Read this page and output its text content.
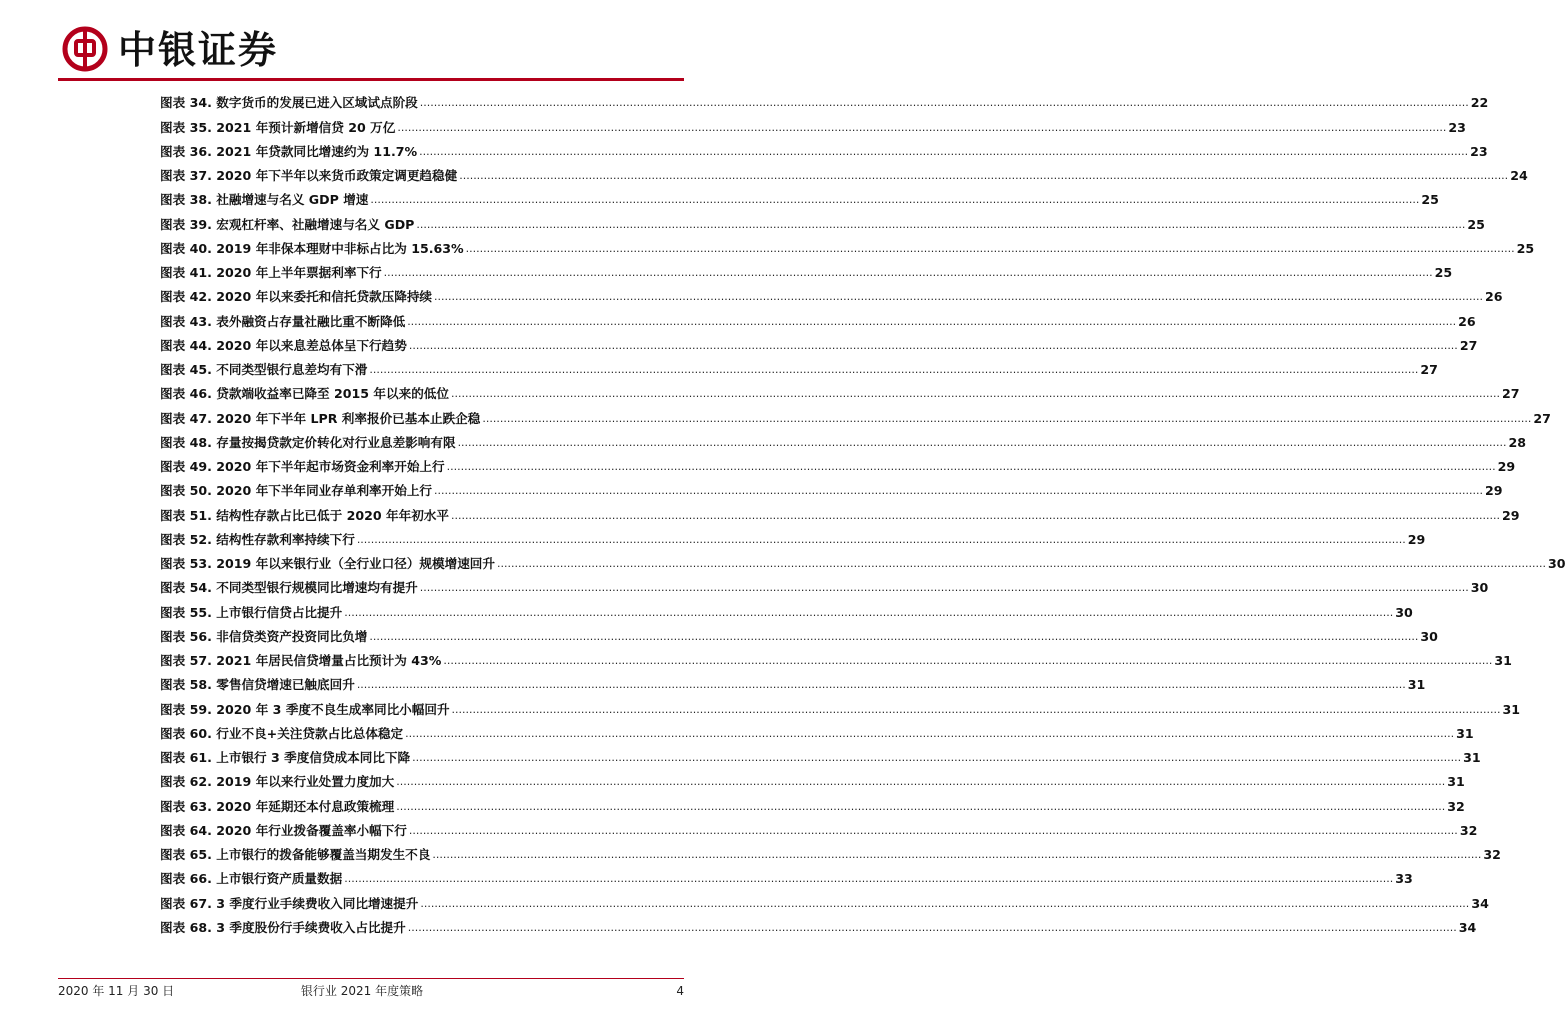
中银证券
图表 34. 数字货币的发展已进入区域试点阶段 ............................................................................................................................................................................................................................................................................................................ 22
图表 35. 2021 年预计新增信贷 20 万亿 ............................................................................................................................................................................................................................................................................................................ 23
图表 36. 2021 年贷款同比增速约为 11.7% ............................................................................................................................................................................................................................................................................................................ 23
图表 37. 2020 年下半年以来货币政策定调更趋稳健 ............................................................................................................................................................................................................................................................................................................ 24
图表 38. 社融增速与名义 GDP 增速 ............................................................................................................................................................................................................................................................................................................ 25
图表 39. 宏观杠杆率、社融增速与名义 GDP ............................................................................................................................................................................................................................................................................................................ 25
图表 40. 2019 年非保本理财中非标占比为 15.63% ............................................................................................................................................................................................................................................................................................................ 25
图表 41. 2020 年上半年票据利率下行 ............................................................................................................................................................................................................................................................................................................ 25
图表 42. 2020 年以来委托和信托贷款压降持续 ............................................................................................................................................................................................................................................................................................................ 26
图表 43. 表外融资占存量社融比重不断降低 ............................................................................................................................................................................................................................................................................................................ 26
图表 44. 2020 年以来息差总体呈下行趋势 ............................................................................................................................................................................................................................................................................................................ 27
图表 45. 不同类型银行息差均有下滑 ............................................................................................................................................................................................................................................................................................................ 27
图表 46. 贷款端收益率已降至 2015 年以来的低位 ............................................................................................................................................................................................................................................................................................................ 27
图表 47. 2020 年下半年 LPR 利率报价已基本止跌企稳 ............................................................................................................................................................................................................................................................................................................ 27
图表 48. 存量按揭贷款定价转化对行业息差影响有限 ............................................................................................................................................................................................................................................................................................................ 28
图表 49. 2020 年下半年起市场资金利率开始上行 ............................................................................................................................................................................................................................................................................................................ 29
图表 50. 2020 年下半年同业存单利率开始上行 ............................................................................................................................................................................................................................................................................................................ 29
图表 51. 结构性存款占比已低于 2020 年年初水平 ............................................................................................................................................................................................................................................................................................................ 29
图表 52. 结构性存款利率持续下行 ............................................................................................................................................................................................................................................................................................................ 29
图表 53. 2019 年以来银行业（全行业口径）规模增速回升 ............................................................................................................................................................................................................................................................................................................ 30
图表 54. 不同类型银行规模同比增速均有提升 ............................................................................................................................................................................................................................................................................................................ 30
图表 55. 上市银行信贷占比提升 ............................................................................................................................................................................................................................................................................................................ 30
图表 56. 非信贷类资产投资同比负增 ............................................................................................................................................................................................................................................................................................................ 30
图表 57. 2021 年居民信贷增量占比预计为 43% ............................................................................................................................................................................................................................................................................................................ 31
图表 58. 零售信贷增速已触底回升 ............................................................................................................................................................................................................................................................................................................ 31
图表 59. 2020 年 3 季度不良生成率同比小幅回升 ............................................................................................................................................................................................................................................................................................................ 31
图表 60. 行业不良+关注贷款占比总体稳定 ............................................................................................................................................................................................................................................................................................................ 31
图表 61. 上市银行 3 季度信贷成本同比下降 ............................................................................................................................................................................................................................................................................................................ 31
图表 62. 2019 年以来行业处置力度加大 ............................................................................................................................................................................................................................................................................................................ 31
图表 63. 2020 年延期还本付息政策梳理 ............................................................................................................................................................................................................................................................................................................ 32
图表 64. 2020 年行业拨备覆盖率小幅下行 ............................................................................................................................................................................................................................................................................................................ 32
图表 65. 上市银行的拨备能够覆盖当期发生不良 ............................................................................................................................................................................................................................................................................................................ 32
图表 66. 上市银行资产质量数据 ............................................................................................................................................................................................................................................................................................................ 33
图表 67. 3 季度行业手续费收入同比增速提升 ............................................................................................................................................................................................................................................................................................................ 34
图表 68. 3 季度股份行手续费收入占比提升 ............................................................................................................................................................................................................................................................................................................ 34
2020 年 11 月 30 日	银行业 2021 年度策略	4
